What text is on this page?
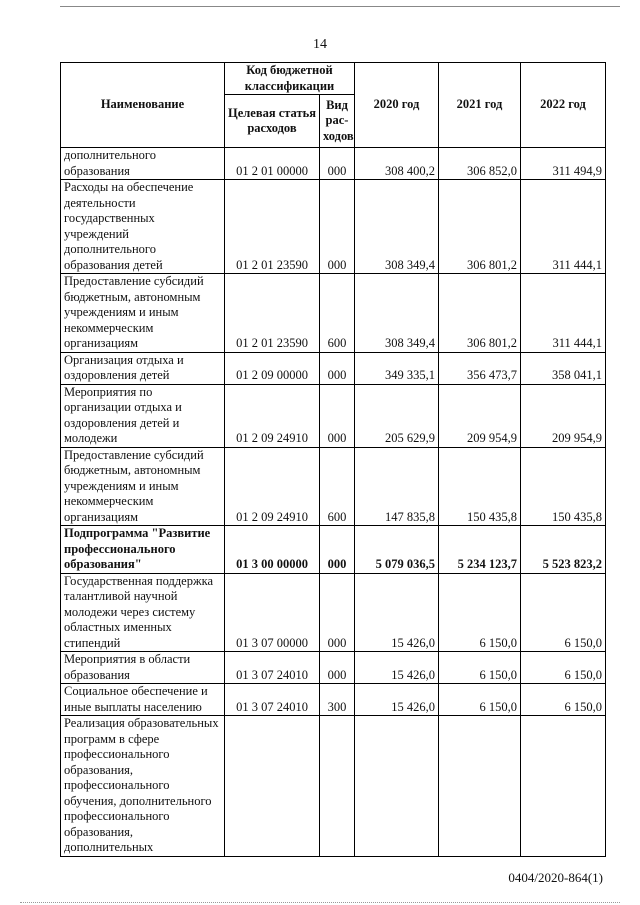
14
Наименование	Код бюджетной классификации		2020 год	2021 год	2022 год
	Целевая статья расходов	Вид рас-ходов			
дополнительного образования	01 2 01 00000	000	308 400,2	306 852,0	311 494,9
Расходы на обеспечение деятельности государственных учреждений дополнительного образования детей	01 2 01 23590	000	308 349,4	306 801,2	311 444,1
Предоставление субсидий бюджетным, автономным учреждениям и иным некоммерческим организациям	01 2 01 23590	600	308 349,4	306 801,2	311 444,1
Организация отдыха и оздоровления детей	01 2 09 00000	000	349 335,1	356 473,7	358 041,1
Мероприятия по организации отдыха и оздоровления детей и молодежи	01 2 09 24910	000	205 629,9	209 954,9	209 954,9
Предоставление субсидий бюджетным, автономным учреждениям и иным некоммерческим организациям	01 2 09 24910	600	147 835,8	150 435,8	150 435,8
Подпрограмма "Развитие профессионального образования"	01 3 00 00000	000	5 079 036,5	5 234 123,7	5 523 823,2
Государственная поддержка талантливой научной молодежи через систему областных именных стипендий	01 3 07 00000	000	15 426,0	6 150,0	6 150,0
Мероприятия в области образования	01 3 07 24010	000	15 426,0	6 150,0	6 150,0
Социальное обеспечение и иные выплаты населению	01 3 07 24010	300	15 426,0	6 150,0	6 150,0
Реализация образовательных программ в сфере профессионального образования, профессионального обучения, дополнительного профессионального образования, дополнительных					
0404/2020-864(1)
